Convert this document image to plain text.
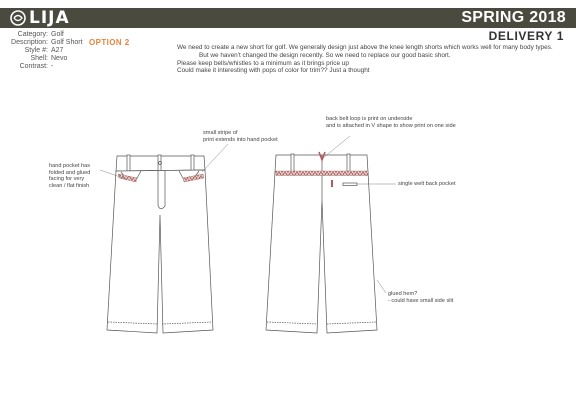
LIJA	SPRING 2018
DELIVERY 1
Category: Golf
Description: Golf Short
Style #: A27
Shell: Nevo
Contrast: -
OPTION 2
We need to create a new short for golf. We generally design just above the knee length shorts which works well for many body types.
But we haven't changed the design recently. So we need to replace our good basic short.
Please keep bells/whistles to a minimum as it brings price up
Could make it interesting with pops of color for trim?? Just a thought
small stripe of
print extends into hand pocket
hand pocket has
folded and glued
facing for very
clean / flat finish
back belt loop is print on underside
and is attached in V shape to show print on one side
single welt back pocket
glued hem?
- could have small side slit
